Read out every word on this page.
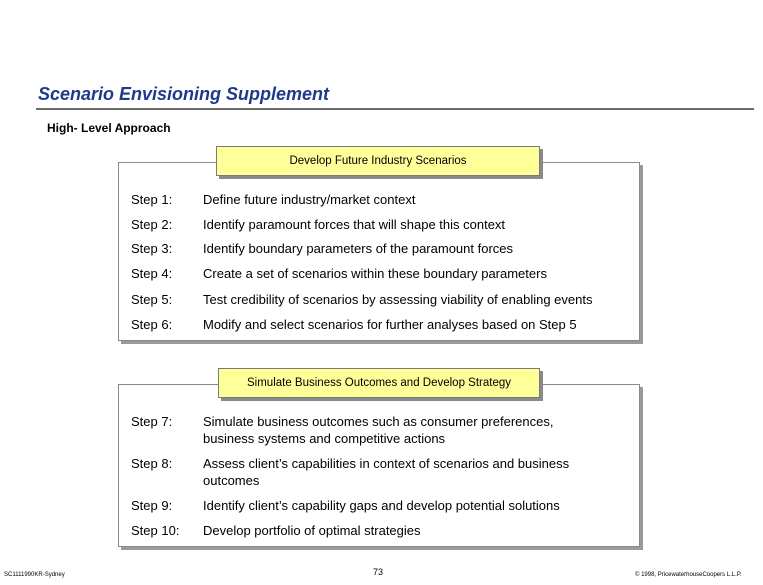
Scenario Envisioning Supplement
High- Level Approach
Develop Future Industry Scenarios
Step 1:	Define future industry/market context
Step 2:	Identify paramount forces that will shape this context
Step 3:	Identify boundary parameters of the paramount forces
Step 4:	Create a set of scenarios within these boundary parameters
Step 5:	Test credibility of scenarios by assessing viability of enabling events
Step 6:	Modify and select scenarios for further analyses based on Step 5
Simulate Business Outcomes and Develop Strategy
Step 7:	Simulate business outcomes such as consumer preferences, business systems and competitive actions
Step 8:	Assess client’s capabilities in context of scenarios and business outcomes
Step 9:	Identify client’s capability gaps and develop potential solutions
Step 10:	Develop portfolio of optimal strategies
SC1111990KR-Sydney	73	© 1998, PricewaterhouseCoopers L.L.P.
